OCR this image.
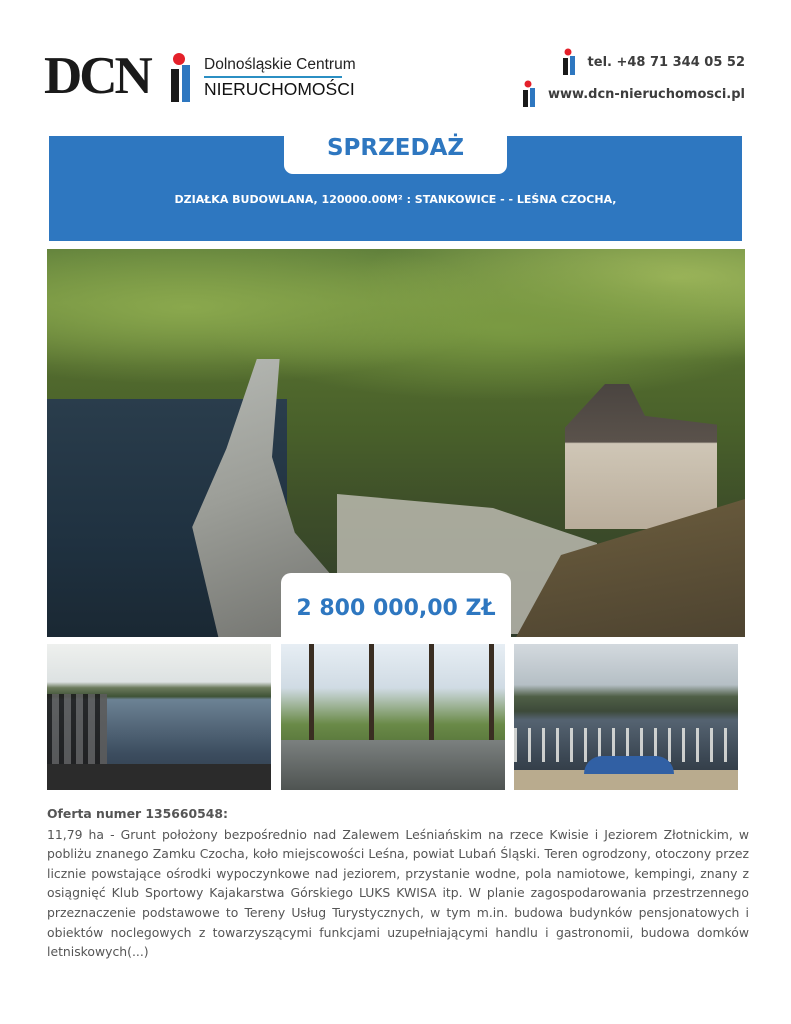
DCN	Dolnośląskie Centrum
NIERUCHOMOŚCI
tel. +48 71 344 05 52
www.dcn-nieruchomosci.pl
SPRZEDAŻ
DZIAŁKA BUDOWLANA, 120000.00M² : STANKOWICE - - LEŚNA CZOCHA,
2 800 000,00 ZŁ
Oferta numer 135660548:

11,79 ha - Grunt położony bezpośrednio nad Zalewem Leśniańskim na rzece Kwisie i Jeziorem Złotnickim, w pobliżu znanego Zamku Czocha, koło miejscowości Leśna, powiat Lubań Śląski. Teren ogrodzony, otoczony przez licznie powstające ośrodki wypoczynkowe nad jeziorem, przystanie wodne, pola namiotowe, kempingi, znany z osiągnięć Klub Sportowy Kajakarstwa Górskiego LUKS KWISA itp. W planie zagospodarowania przestrzennego przeznaczenie podstawowe to Tereny Usług Turystycznych, w tym m.in. budowa budynków pensjonatowych i obiektów noclegowych z towarzyszącymi funkcjami uzupełniającymi handlu i gastronomii, budowa domków letniskowych(...)
